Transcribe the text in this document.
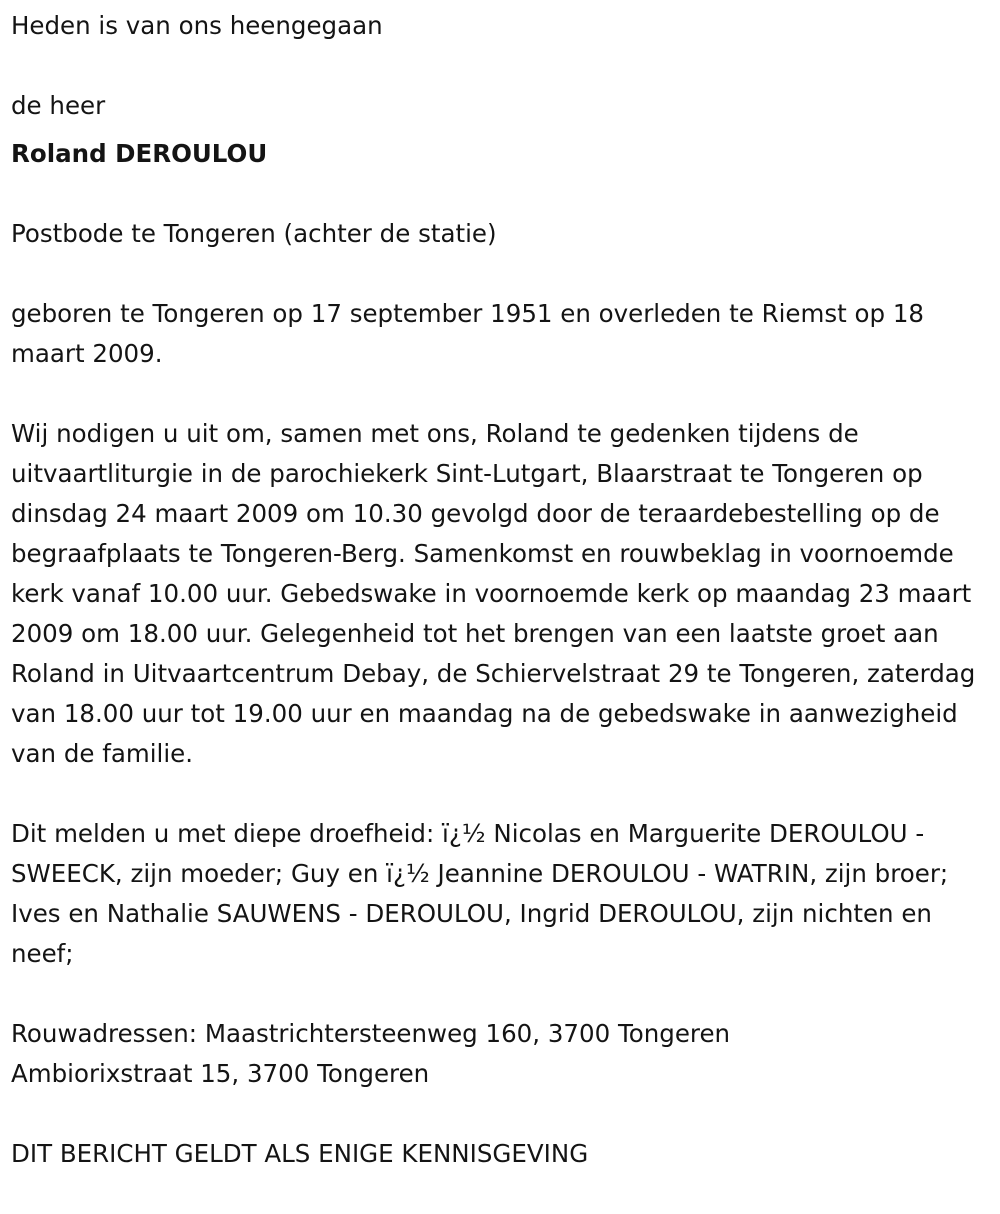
Heden is van ons heengegaan

de heer

Roland DEROULOU

Postbode te Tongeren (achter de statie)

geboren te Tongeren op 17 september 1951 en overleden te Riemst op 18 maart 2009.

Wij nodigen u uit om, samen met ons, Roland te gedenken tijdens de uitvaartliturgie in de parochiekerk Sint-Lutgart, Blaarstraat te Tongeren op dinsdag 24 maart 2009 om 10.30 gevolgd door de teraardebestelling op de begraafplaats te Tongeren-Berg. Samenkomst en rouwbeklag in voornoemde kerk vanaf 10.00 uur. Gebedswake in voornoemde kerk op maandag 23 maart 2009 om 18.00 uur. Gelegenheid tot het brengen van een laatste groet aan Roland in Uitvaartcentrum Debay, de Schiervelstraat 29 te Tongeren, zaterdag van 18.00 uur tot 19.00 uur en maandag na de gebedswake in aanwezigheid van de familie.

Dit melden u met diepe droefheid: ï¿½ Nicolas en Marguerite DEROULOU - SWEECK, zijn moeder; Guy en ï¿½ Jeannine DEROULOU - WATRIN, zijn broer; Ives en Nathalie SAUWENS - DEROULOU, Ingrid DEROULOU, zijn nichten en neef;

Rouwadressen: Maastrichtersteenweg 160, 3700 Tongeren
Ambiorixstraat 15, 3700 Tongeren

DIT BERICHT GELDT ALS ENIGE KENNISGEVING
